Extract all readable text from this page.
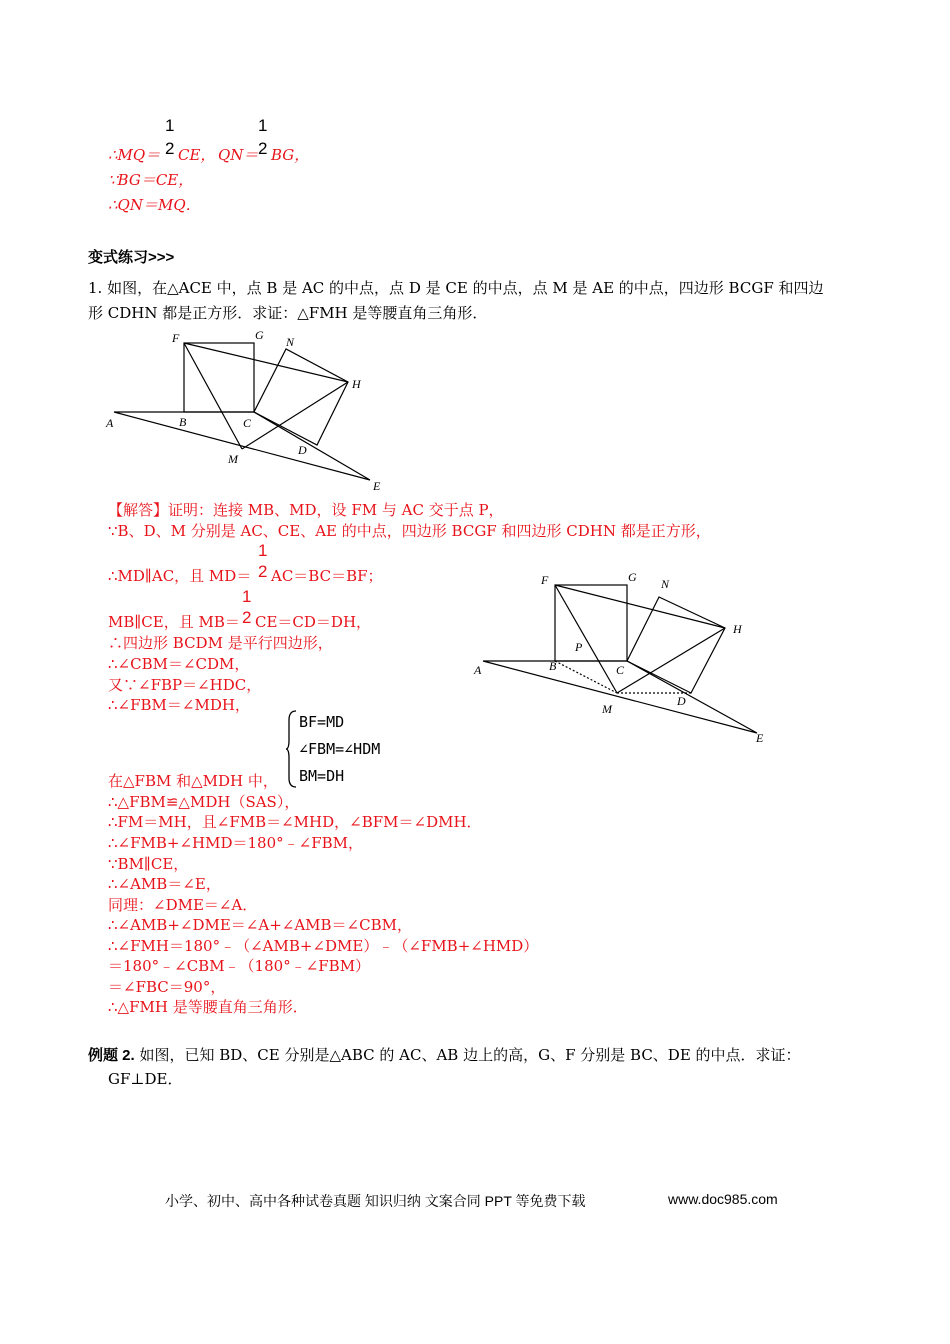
1
2
1
2
∴MQ＝ CE， QN＝ BG，
∵BG＝CE，
∴QN＝MQ．
变式练习>>>
1. 如图，在△ACE 中，点 B 是 AC 的中点，点 D 是 CE 的中点，点 M 是 AE 的中点，四边形 BCGF 和四边
形 CDHN 都是正方形．求证：△FMH 是等腰直角三角形．
F	G N
H
A	B	C
M
D
E
F	G N
H
A	B
P
C
M
D
E
【解答】证明：连接 MB、MD，设 FM 与 AC 交于点 P，
∵B、D、M 分别是 AC、CE、AE 的中点，四边形 BCGF 和四边形 CDHN 都是正方形，
1
2
∴MD∥AC，且 MD＝ AC＝BC＝BF；
1
2
MB∥CE，且 MB＝ CE＝CD＝DH，
∴四边形 BCDM 是平行四边形，
∴∠CBM＝∠CDM，
又∵∠FBP＝∠HDC，
∴∠FBM＝∠MDH，
BF=MD
∠FBM=∠HDM
BM=DH
在△FBM 和△MDH 中，
∴△FBM≌△MDH（SAS），
∴FM＝MH，且∠FMB＝∠MHD，∠BFM＝∠DMH．
∴∠FMB+∠HMD＝180°﹣∠FBM，
∵BM∥CE，
∴∠AMB＝∠E，
同理：∠DME＝∠A．
∴∠AMB+∠DME＝∠A+∠AMB＝∠CBM，
∴∠FMH＝180°﹣（∠AMB+∠DME）﹣（∠FMB+∠HMD）
＝180°﹣∠CBM﹣（180°﹣∠FBM）
＝∠FBC＝90°，
∴△FMH 是等腰直角三角形．
例题 2. 如图，已知 BD、CE 分别是△ABC 的 AC、AB 边上的高，G、F 分别是 BC、DE 的中点．求证：
GF⊥DE．
小学、初中、高中各种试卷真题 知识归纳 文案合同 PPT 等免费下载	www.doc985.com
